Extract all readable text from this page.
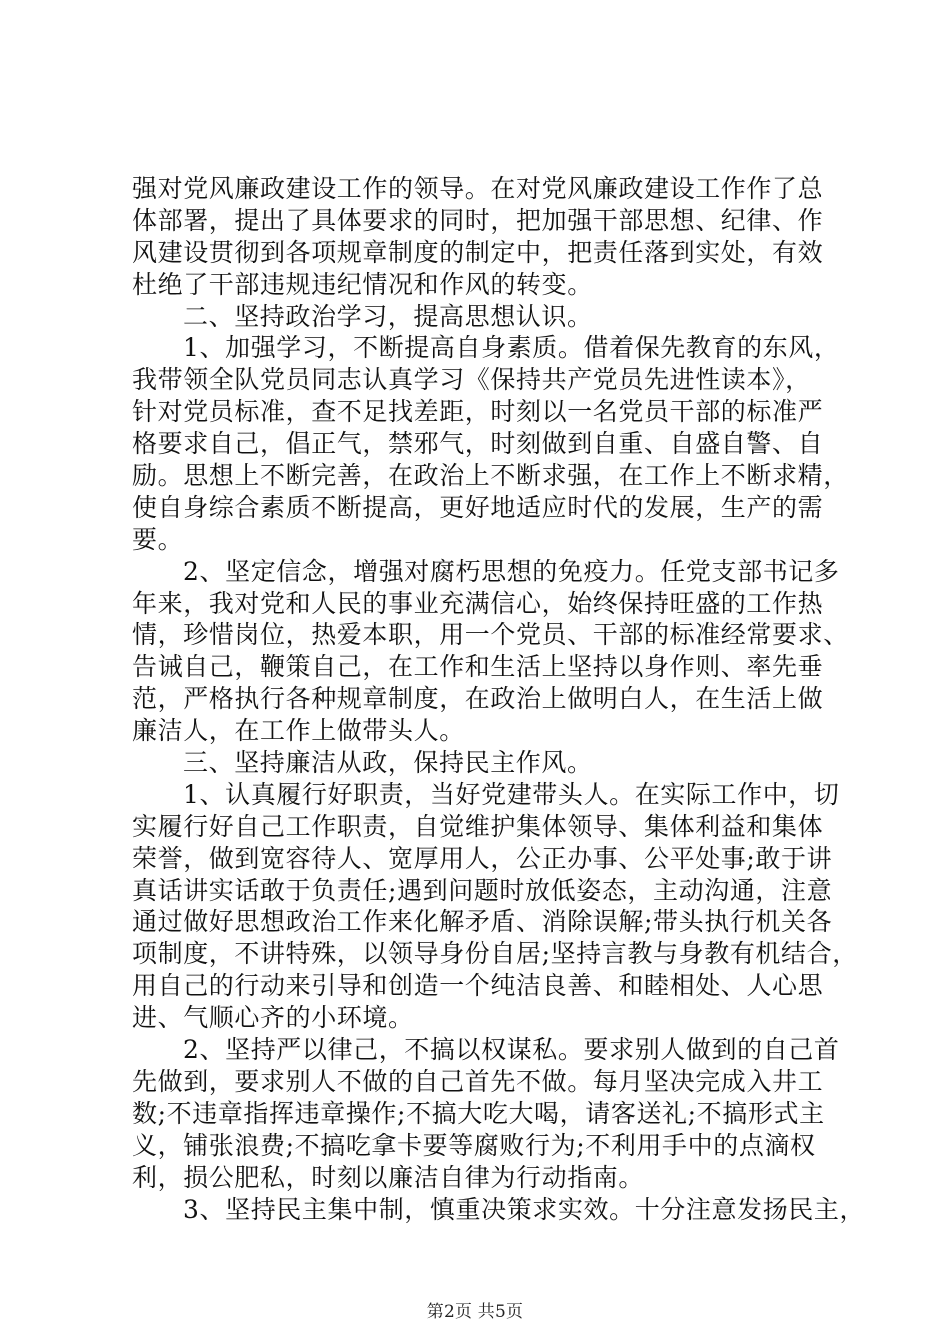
强对党风廉政建设工作的领导。在对党风廉政建设工作作了总
体部署，提出了具体要求的同时，把加强干部思想、纪律、作
风建设贯彻到各项规章制度的制定中，把责任落到实处，有效
杜绝了干部违规违纪情况和作风的转变。
二、坚持政治学习，提高思想认识。
1、加强学习，不断提高自身素质。借着保先教育的东风，
我带领全队党员同志认真学习《保持共产党员先进性读本》，
针对党员标准，查不足找差距，时刻以一名党员干部的标准严
格要求自己，倡正气，禁邪气，时刻做到自重、自盛自警、自
励。思想上不断完善，在政治上不断求强，在工作上不断求精，
使自身综合素质不断提高，更好地适应时代的发展，生产的需
要。
2、坚定信念，增强对腐朽思想的免疫力。任党支部书记多
年来，我对党和人民的事业充满信心，始终保持旺盛的工作热
情，珍惜岗位，热爱本职，用一个党员、干部的标准经常要求、
告诫自己，鞭策自己，在工作和生活上坚持以身作则、率先垂
范，严格执行各种规章制度，在政治上做明白人，在生活上做
廉洁人，在工作上做带头人。
三、坚持廉洁从政，保持民主作风。
1、认真履行好职责，当好党建带头人。在实际工作中，切
实履行好自己工作职责，自觉维护集体领导、集体利益和集体
荣誉，做到宽容待人、宽厚用人，公正办事、公平处事;敢于讲
真话讲实话敢于负责任;遇到问题时放低姿态，主动沟通，注意
通过做好思想政治工作来化解矛盾、消除误解;带头执行机关各
项制度，不讲特殊，以领导身份自居;坚持言教与身教有机结合，
用自己的行动来引导和创造一个纯洁良善、和睦相处、人心思
进、气顺心齐的小环境。
2、坚持严以律己，不搞以权谋私。要求别人做到的自己首
先做到，要求别人不做的自己首先不做。每月坚决完成入井工
数;不违章指挥违章操作;不搞大吃大喝，请客送礼;不搞形式主
义，铺张浪费;不搞吃拿卡要等腐败行为;不利用手中的点滴权
利，损公肥私，时刻以廉洁自律为行动指南。
3、坚持民主集中制，慎重决策求实效。十分注意发扬民主，
第2页 共5页
